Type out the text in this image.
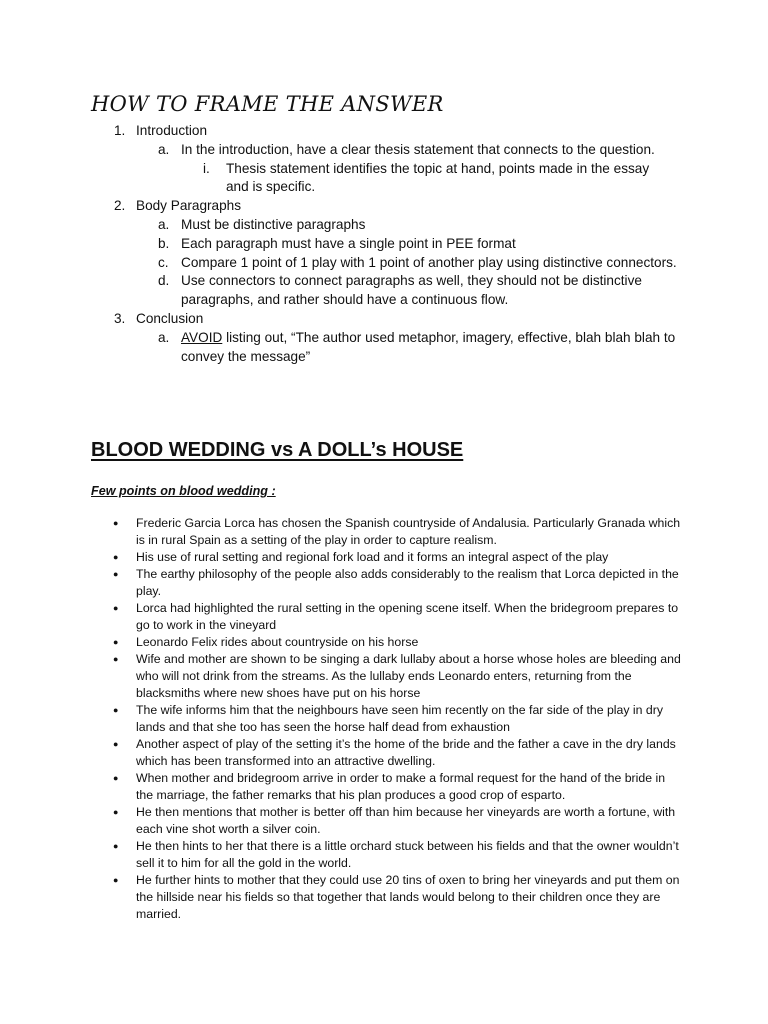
HOW TO FRAME THE ANSWER
1. Introduction
a. In the introduction, have a clear thesis statement that connects to the question.
i. Thesis statement identifies the topic at hand, points made in the essay and is specific.
2. Body Paragraphs
a. Must be distinctive paragraphs
b. Each paragraph must have a single point in PEE format
c. Compare 1 point of 1 play with 1 point of another play using distinctive connectors.
d. Use connectors to connect paragraphs as well, they should not be distinctive paragraphs, and rather should have a continuous flow.
3. Conclusion
a. AVOID listing out, “The author used metaphor, imagery, effective, blah blah blah to convey the message”
BLOOD WEDDING vs A DOLL’s HOUSE

Few points on blood wedding :

● Frederic Garcia Lorca has chosen the Spanish countryside of Andalusia. Particularly Granada which is in rural Spain as a setting of the play in order to capture realism.
● His use of rural setting and regional fork load and it forms an integral aspect of the play
● The earthy philosophy of the people also adds considerably to the realism that Lorca depicted in the play.
● Lorca had highlighted the rural setting in the opening scene itself. When the bridegroom prepares to go to work in the vineyard
● Leonardo Felix rides about countryside on his horse
● Wife and mother are shown to be singing a dark lullaby about a horse whose holes are bleeding and who will not drink from the streams. As the lullaby ends Leonardo enters, returning from the blacksmiths where new shoes have put on his horse
● The wife informs him that the neighbours have seen him recently on the far side of the play in dry lands and that she too has seen the horse half dead from exhaustion
● Another aspect of play of the setting it’s the home of the bride and the father a cave in the dry lands which has been transformed into an attractive dwelling.
● When mother and bridegroom arrive in order to make a formal request for the hand of the bride in the marriage, the father remarks that his plan produces a good crop of esparto.
● He then mentions that mother is better off than him because her vineyards are worth a fortune, with each vine shot worth a silver coin.
● He then hints to her that there is a little orchard stuck between his fields and that the owner wouldn’t sell it to him for all the gold in the world.
● He further hints to mother that they could use 20 tins of oxen to bring her vineyards and put them on the hillside near his fields so that together that lands would belong to their children once they are married.
